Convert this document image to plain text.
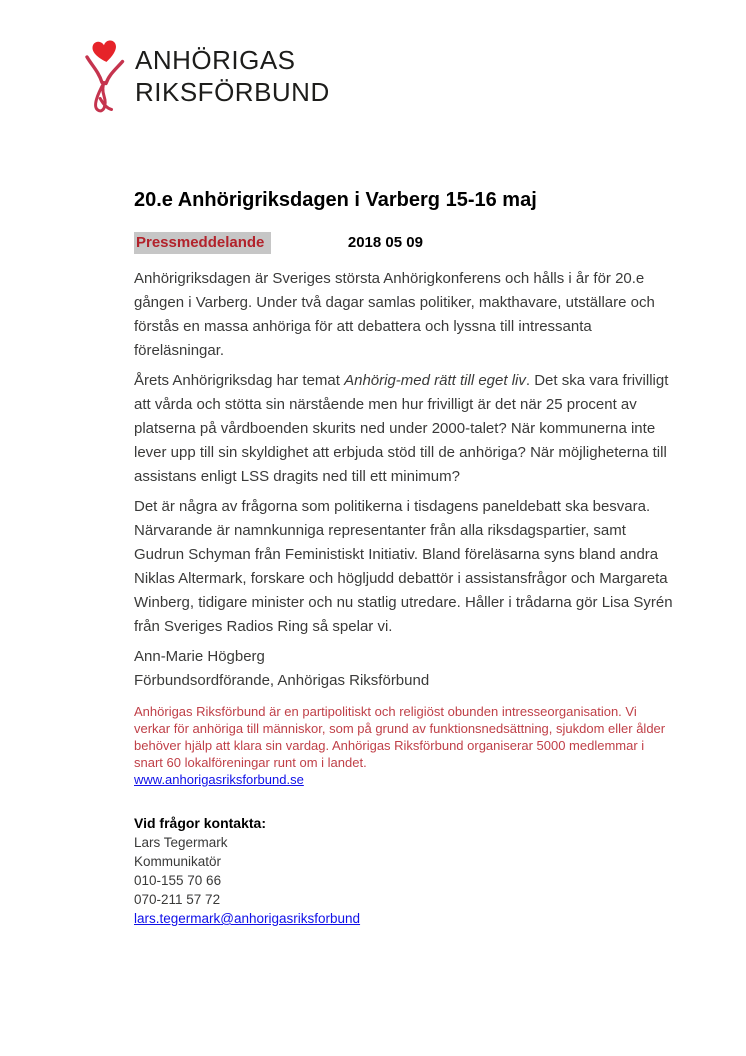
ANHÖRIGAS
RIKSFÖRBUND
20.e Anhörigriksdagen i Varberg 15-16 maj
Pressmeddelande	2018 05 09

Anhörigriksdagen är Sveriges största Anhörigkonferens och hålls i år för 20.e gången i Varberg. Under två dagar samlas politiker, makthavare, utställare och förstås en massa anhöriga för att debattera och lyssna till intressanta föreläsningar.

Årets Anhörigriksdag har temat Anhörig-med rätt till eget liv. Det ska vara frivilligt att vårda och stötta sin närstående men hur frivilligt är det när 25 procent av platserna på vårdboenden skurits ned under 2000-talet? När kommunerna inte lever upp till sin skyldighet att erbjuda stöd till de anhöriga? När möjligheterna till assistans enligt LSS dragits ned till ett minimum?

Det är några av frågorna som politikerna i tisdagens paneldebatt ska besvara. Närvarande är namnkunniga representanter från alla riksdagspartier, samt Gudrun Schyman från Feministiskt Initiativ. Bland föreläsarna syns bland andra Niklas Altermark, forskare och högljudd debattör i assistansfrågor och Margareta Winberg, tidigare minister och nu statlig utredare. Håller i trådarna gör Lisa Syrén från Sveriges Radios Ring så spelar vi.

Ann-Marie Högberg
Förbundsordförande, Anhörigas Riksförbund

Anhörigas Riksförbund är en partipolitiskt och religiöst obunden intresseorganisation. Vi verkar för anhöriga till människor, som på grund av funktionsnedsättning, sjukdom eller ålder behöver hjälp att klara sin vardag. Anhörigas Riksförbund organiserar 5000 medlemmar i snart 60 lokalföreningar runt om i landet.

www.anhorigasriksforbund.se
Vid frågor kontakta:
Lars Tegermark
Kommunikatör
010-155 70 66
070-211 57 72
lars.tegermark@anhorigasriksforbund
